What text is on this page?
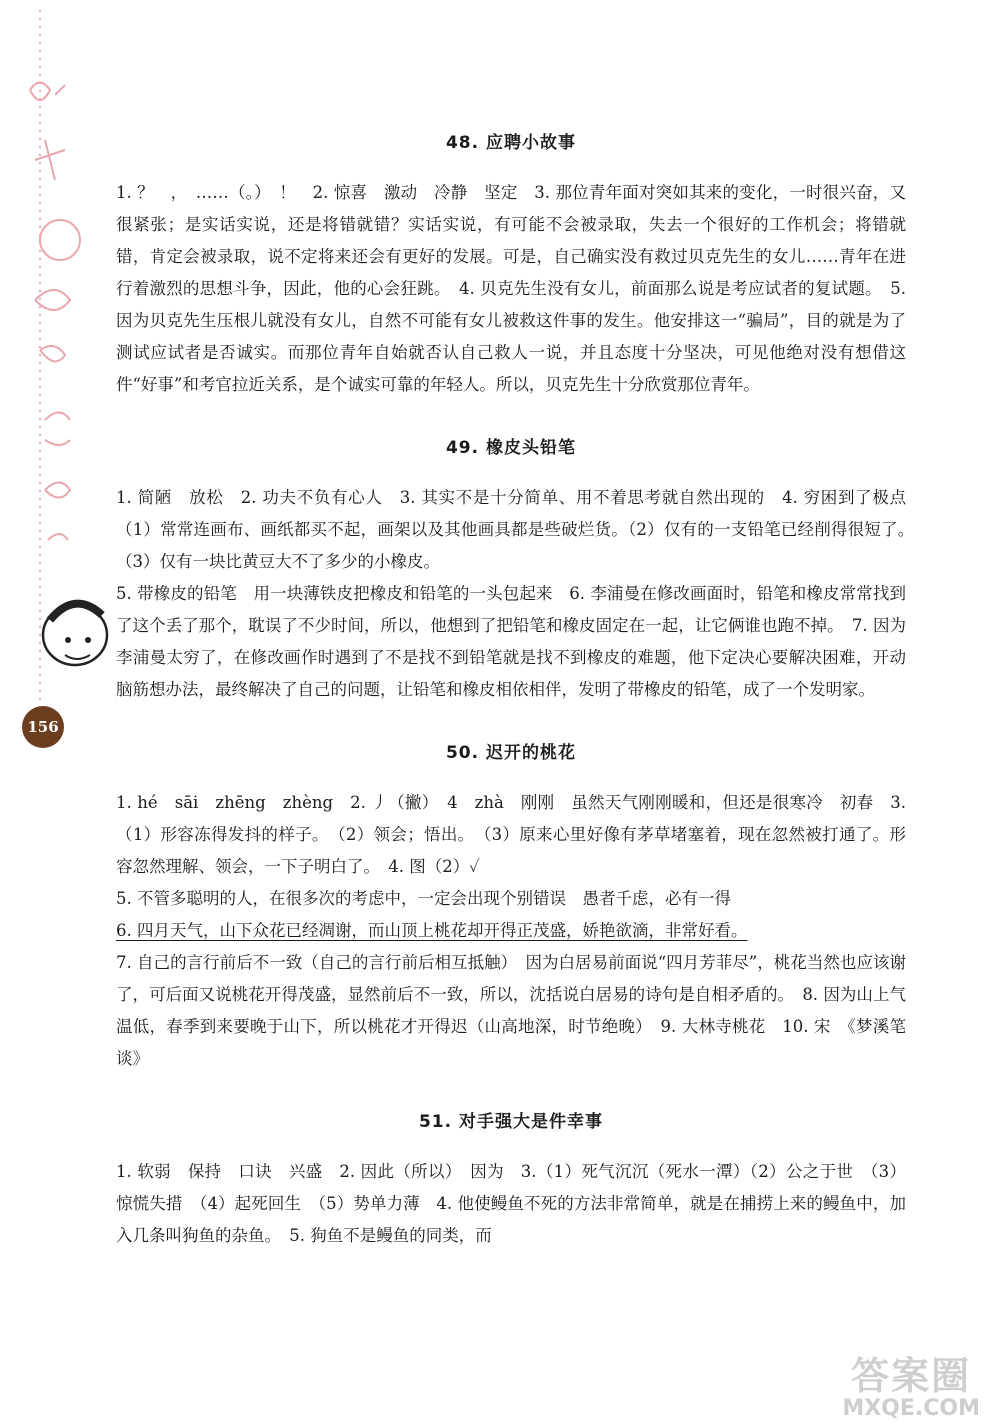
156
48. 应聘小故事

1. ？　，　……（。）　！　2. 惊喜　激动　冷静　坚定　3. 那位青年面对突如其来的变化，一时很兴奋，又很紧张；是实话实说，还是将错就错？实话实说，有可能不会被录取，失去一个很好的工作机会；将错就错，肯定会被录取，说不定将来还会有更好的发展。可是，自己确实没有救过贝克先生的女儿……青年在进行着激烈的思想斗争，因此，他的心会狂跳。　4. 贝克先生没有女儿，前面那么说是考应试者的复试题。　5. 因为贝克先生压根儿就没有女儿，自然不可能有女儿被救这件事的发生。他安排这一“骗局”，目的就是为了测试应试者是否诚实。而那位青年自始就否认自己救人一说，并且态度十分坚决，可见他绝对没有想借这件“好事”和考官拉近关系，是个诚实可靠的年轻人。所以，贝克先生十分欣赏那位青年。

49. 橡皮头铅笔

1. 简陋　放松　2. 功夫不负有心人　3. 其实不是十分简单、用不着思考就自然出现的　4. 穷困到了极点　（1）常常连画布、画纸都买不起，画架以及其他画具都是些破烂货。（2）仅有的一支铅笔已经削得很短了。　（3）仅有一块比黄豆大不了多少的小橡皮。

5. 带橡皮的铅笔　用一块薄铁皮把橡皮和铅笔的一头包起来　6. 李浦曼在修改画面时，铅笔和橡皮常常找到了这个丢了那个，耽误了不少时间，所以，他想到了把铅笔和橡皮固定在一起，让它俩谁也跑不掉。　7. 因为李浦曼太穷了，在修改画作时遇到了不是找不到铅笔就是找不到橡皮的难题，他下定决心要解决困难，开动脑筋想办法，最终解决了自己的问题，让铅笔和橡皮相依相伴，发明了带橡皮的铅笔，成了一个发明家。

50. 迟开的桃花

1. hé　sāi　zhēng　zhèng　2. 丿（撇）　4　zhà　刚刚　虽然天气刚刚暖和，但还是很寒冷　初春　3.（1）形容冻得发抖的样子。　（2）领会；悟出。　（3）原来心里好像有茅草堵塞着，现在忽然被打通了。形容忽然理解、领会，一下子明白了。　4. 图（2）✓

5. 不管多聪明的人，在很多次的考虑中，一定会出现个别错误　愚者千虑，必有一得

6. 四月天气，山下众花已经凋谢，而山顶上桃花却开得正茂盛，娇艳欲滴，非常好看。

7. 自己的言行前后不一致（自己的言行前后相互抵触）　因为白居易前面说“四月芳菲尽”，桃花当然也应该谢了，可后面又说桃花开得茂盛，显然前后不一致，所以，沈括说白居易的诗句是自相矛盾的。　8. 因为山上气温低，春季到来要晚于山下，所以桃花才开得迟（山高地深，时节绝晚）　9. 大林寺桃花　10. 宋　《梦溪笔谈》

51. 对手强大是件幸事

1. 软弱　保持　口诀　兴盛　2. 因此（所以）　因为　3.（1）死气沉沉（死水一潭）（2）公之于世　（3）惊慌失措　（4）起死回生　（5）势单力薄　4. 他使鳗鱼不死的方法非常简单，就是在捕捞上来的鳗鱼中，加入几条叫狗鱼的杂鱼。　5. 狗鱼不是鳗鱼的同类，而

答案圈
MXQE.COM
